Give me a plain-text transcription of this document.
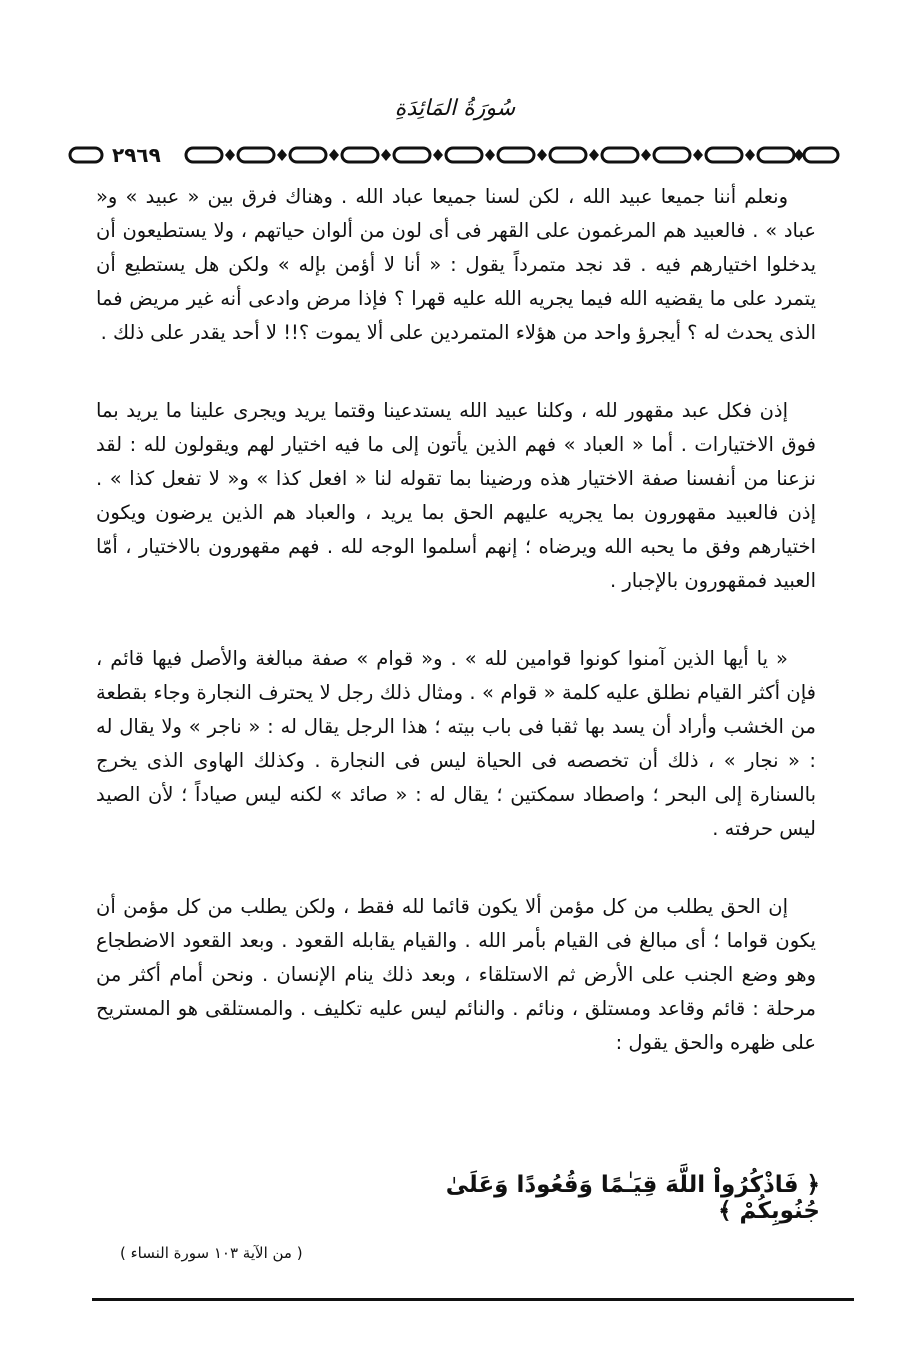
سُورَةُ المَائِدَةِ
٢٩٦٩

ونعلم أننا جميعا عبيد الله ، لكن لسنا جميعا عباد الله . وهناك فرق بين « عبيد » و« عباد » . فالعبيد هم المرغمون على القهر فى أى لون من ألوان حياتهم ، ولا يستطيعون أن يدخلوا اختيارهم فيه . قد نجد متمرداً يقول : « أنا لا أؤمن بإله » ولكن هل يستطيع أن يتمرد على ما يقضيه الله فيما يجريه الله عليه قهرا ؟ فإذا مرض وادعى أنه غير مريض فما الذى يحدث له ؟ أيجرؤ واحد من هؤلاء المتمردين على ألا يموت ؟!! لا أحد يقدر على ذلك .

إذن فكل عبد مقهور لله ، وكلنا عبيد الله يستدعينا وقتما يريد ويجرى علينا ما يريد بما فوق الاختيارات . أما « العباد » فهم الذين يأتون إلى ما فيه اختيار لهم ويقولون لله : لقد نزعنا من أنفسنا صفة الاختيار هذه ورضينا بما تقوله لنا « افعل كذا » و« لا تفعل كذا » . إذن فالعبيد مقهورون بما يجريه عليهم الحق بما يريد ، والعباد هم الذين يرضون ويكون اختيارهم وفق ما يحبه الله ويرضاه ؛ إنهم أسلموا الوجه لله . فهم مقهورون بالاختيار ، أمّا العبيد فمقهورون بالإجبار .

« يا أيها الذين آمنوا كونوا قوامين لله » . و« قوام » صفة مبالغة والأصل فيها قائم ، فإن أكثر القيام نطلق عليه كلمة « قوام » . ومثال ذلك رجل لا يحترف النجارة وجاء بقطعة من الخشب وأراد أن يسد بها ثقبا فى باب بيته ؛ هذا الرجل يقال له : « ناجر » ولا يقال له : « نجار » ، ذلك أن تخصصه فى الحياة ليس فى النجارة . وكذلك الهاوى الذى يخرج بالسنارة إلى البحر ؛ واصطاد سمكتين ؛ يقال له : « صائد » لكنه ليس صياداً ؛ لأن الصيد ليس حرفته .

إن الحق يطلب من كل مؤمن ألا يكون قائما لله فقط ، ولكن يطلب من كل مؤمن أن يكون قواما ؛ أى مبالغ فى القيام بأمر الله . والقيام يقابله القعود . وبعد القعود الاضطجاع وهو وضع الجنب على الأرض ثم الاستلقاء ، وبعد ذلك ينام الإنسان . ونحن أمام أكثر من مرحلة : قائم وقاعد ومستلق ، ونائم . والنائم ليس عليه تكليف . والمستلقى هو المستريح على ظهره والحق يقول :

﴿ فَاذْكُرُواْ اللَّهَ قِيَـٰمًا وَقُعُودًا وَعَلَىٰ جُنُوبِكُمْ ﴾
( من الآية ١٠٣ سورة النساء )
